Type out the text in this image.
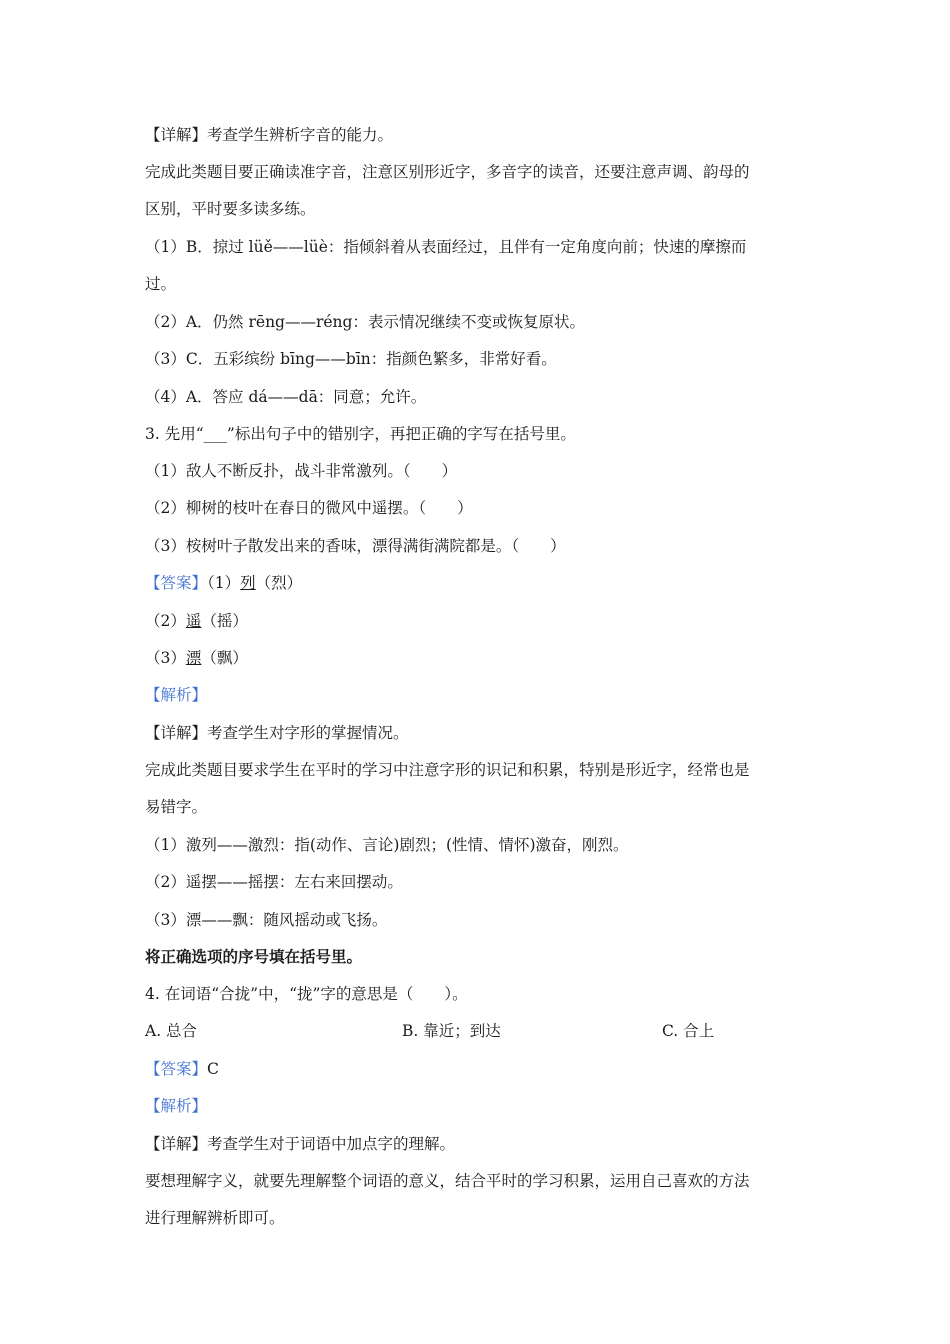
【详解】考查学生辨析字音的能力。
完成此类题目要正确读准字音，注意区别形近字，多音字的读音，还要注意声调、韵母的
区别，平时要多读多练。
（1）B．掠过 lüě——lüè：指倾斜着从表面经过，且伴有一定角度向前；快速的摩擦而
过。
（2）A．仍然 rēng——réng：表示情况继续不变或恢复原状。
（3）C．五彩缤纷 bīng——bīn：指颜色繁多，非常好看。
（4）A．答应 dá——dā：同意；允许。
3. 先用“___”标出句子中的错别字，再把正确的字写在括号里。
（1）敌人不断反扑，战斗非常激列。（　　）
（2）柳树的枝叶在春日的微风中遥摆。（　　）
（3）桉树叶子散发出来的香味，漂得满街满院都是。（　　）
【答案】（1）列（烈）
（2）遥（摇）
（3）漂（飘）
【解析】
【详解】考查学生对字形的掌握情况。
完成此类题目要求学生在平时的学习中注意字形的识记和积累，特别是形近字，经常也是
易错字。
（1）激列——激烈：指(动作、言论)剧烈；(性情、情怀)激奋，刚烈。
（2）遥摆——摇摆：左右来回摆动。
（3）漂——飘：随风摇动或飞扬。
将正确选项的序号填在括号里。
4. 在词语“合拢”中，“拢”字的意思是（　　）。
A. 总合	B. 靠近；到达	C. 合上
【答案】C
【解析】
【详解】考查学生对于词语中加点字的理解。
要想理解字义，就要先理解整个词语的意义，结合平时的学习积累，运用自己喜欢的方法
进行理解辨析即可。
